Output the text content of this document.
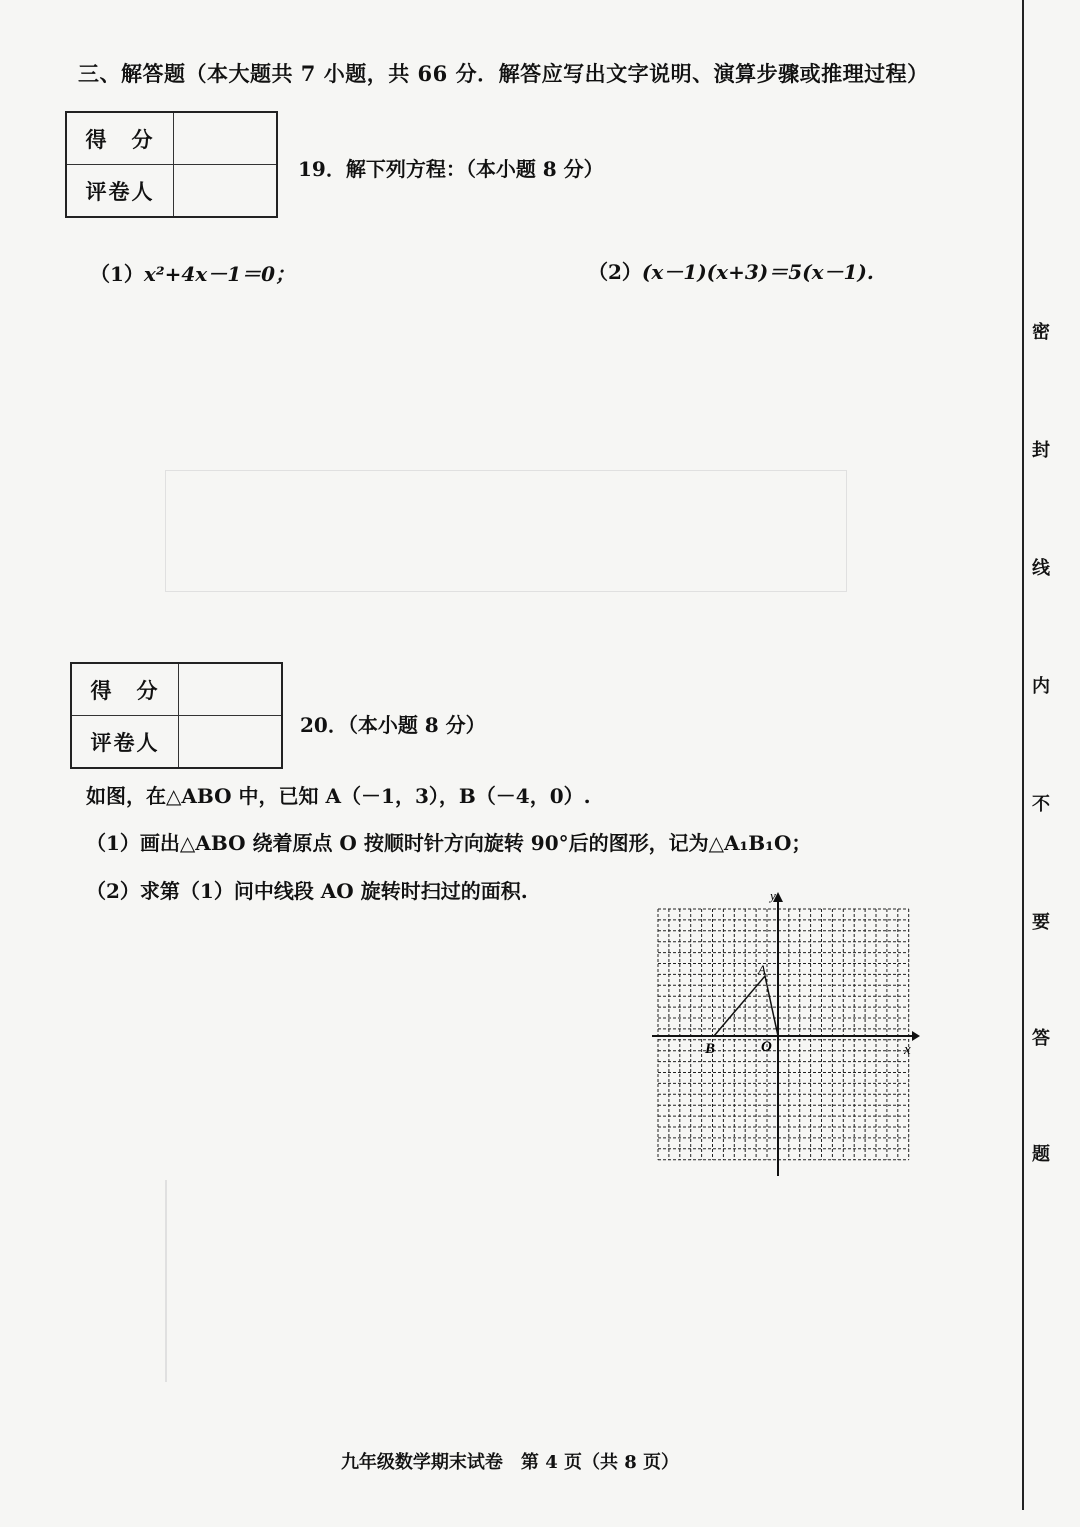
三、解答题（本大题共 7 小题，共 66 分．解答应写出文字说明、演算步骤或推理过程）
得　分	
评卷人	
19．解下列方程：（本小题 8 分）
（1）x²+4x－1＝0；	（2）(x－1)(x+3)＝5(x－1).
得　分	
评卷人	
20．（本小题 8 分）
如图，在△ABO 中，已知 A（－1，3），B（－4，0）.
（1）画出△ABO 绕着原点 O 按顺时针方向旋转 90°后的图形，记为△A₁B₁O；
（2）求第（1）问中线段 AO 旋转时扫过的面积.	y
x
A
B	O
九年级数学期末试卷　第 4 页（共 8 页）
密
封
线
内
不
要
答
题
